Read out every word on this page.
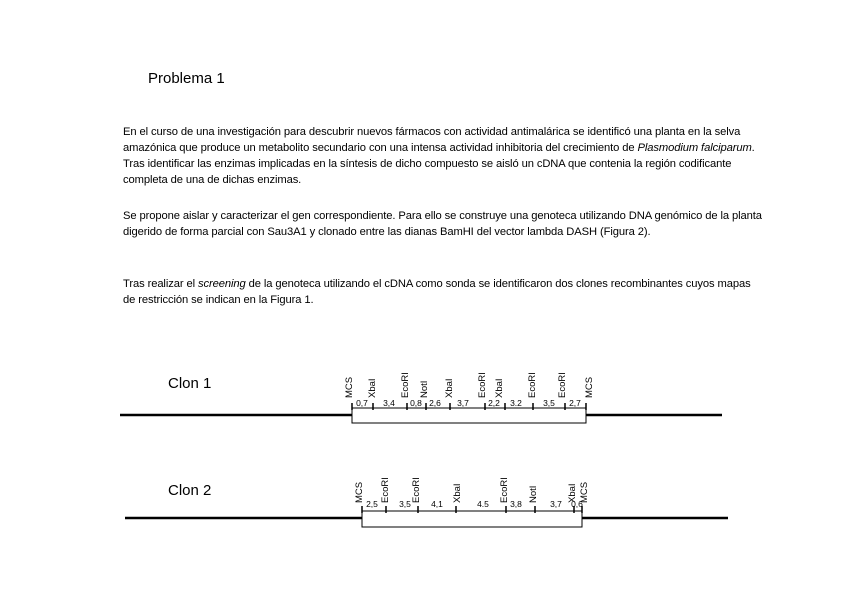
Problema 1
En el curso de una investigación para descubrir nuevos fármacos con actividad antimalárica se identificó una planta en la selva amazónica que produce un metabolito secundario con una intensa actividad inhibitoria del crecimiento de Plasmodium falciparum. Tras identificar las enzimas implicadas en la síntesis de dicho compuesto se aisló un cDNA que contenia la región codificante completa de una de dichas enzimas.
Se propone aislar y caracterizar el gen correspondiente. Para ello se construye una genoteca utilizando DNA genómico de la planta digerido de forma parcial con Sau3A1 y clonado entre las dianas BamHI del vector lambda DASH (Figura 2).
Tras realizar el screening de la genoteca utilizando el cDNA como sonda se identificaron dos clones recombinantes cuyos mapas de restricción se indican en la Figura 1.
Clon 1
Clon 2
MCS XbaI EcoRI NotI XbaI EcoRI XbaI EcoRI EcoRI MCS
0,7 3,4 0,8 2,6 3,7 2,2 3.2 3,5 2,7
MCS EcoRI EcoRI	XbaI	EcoRI NotI	XbaI MCS
2,5 3,5 4,1	4.5 3,8	3,7 0,6
